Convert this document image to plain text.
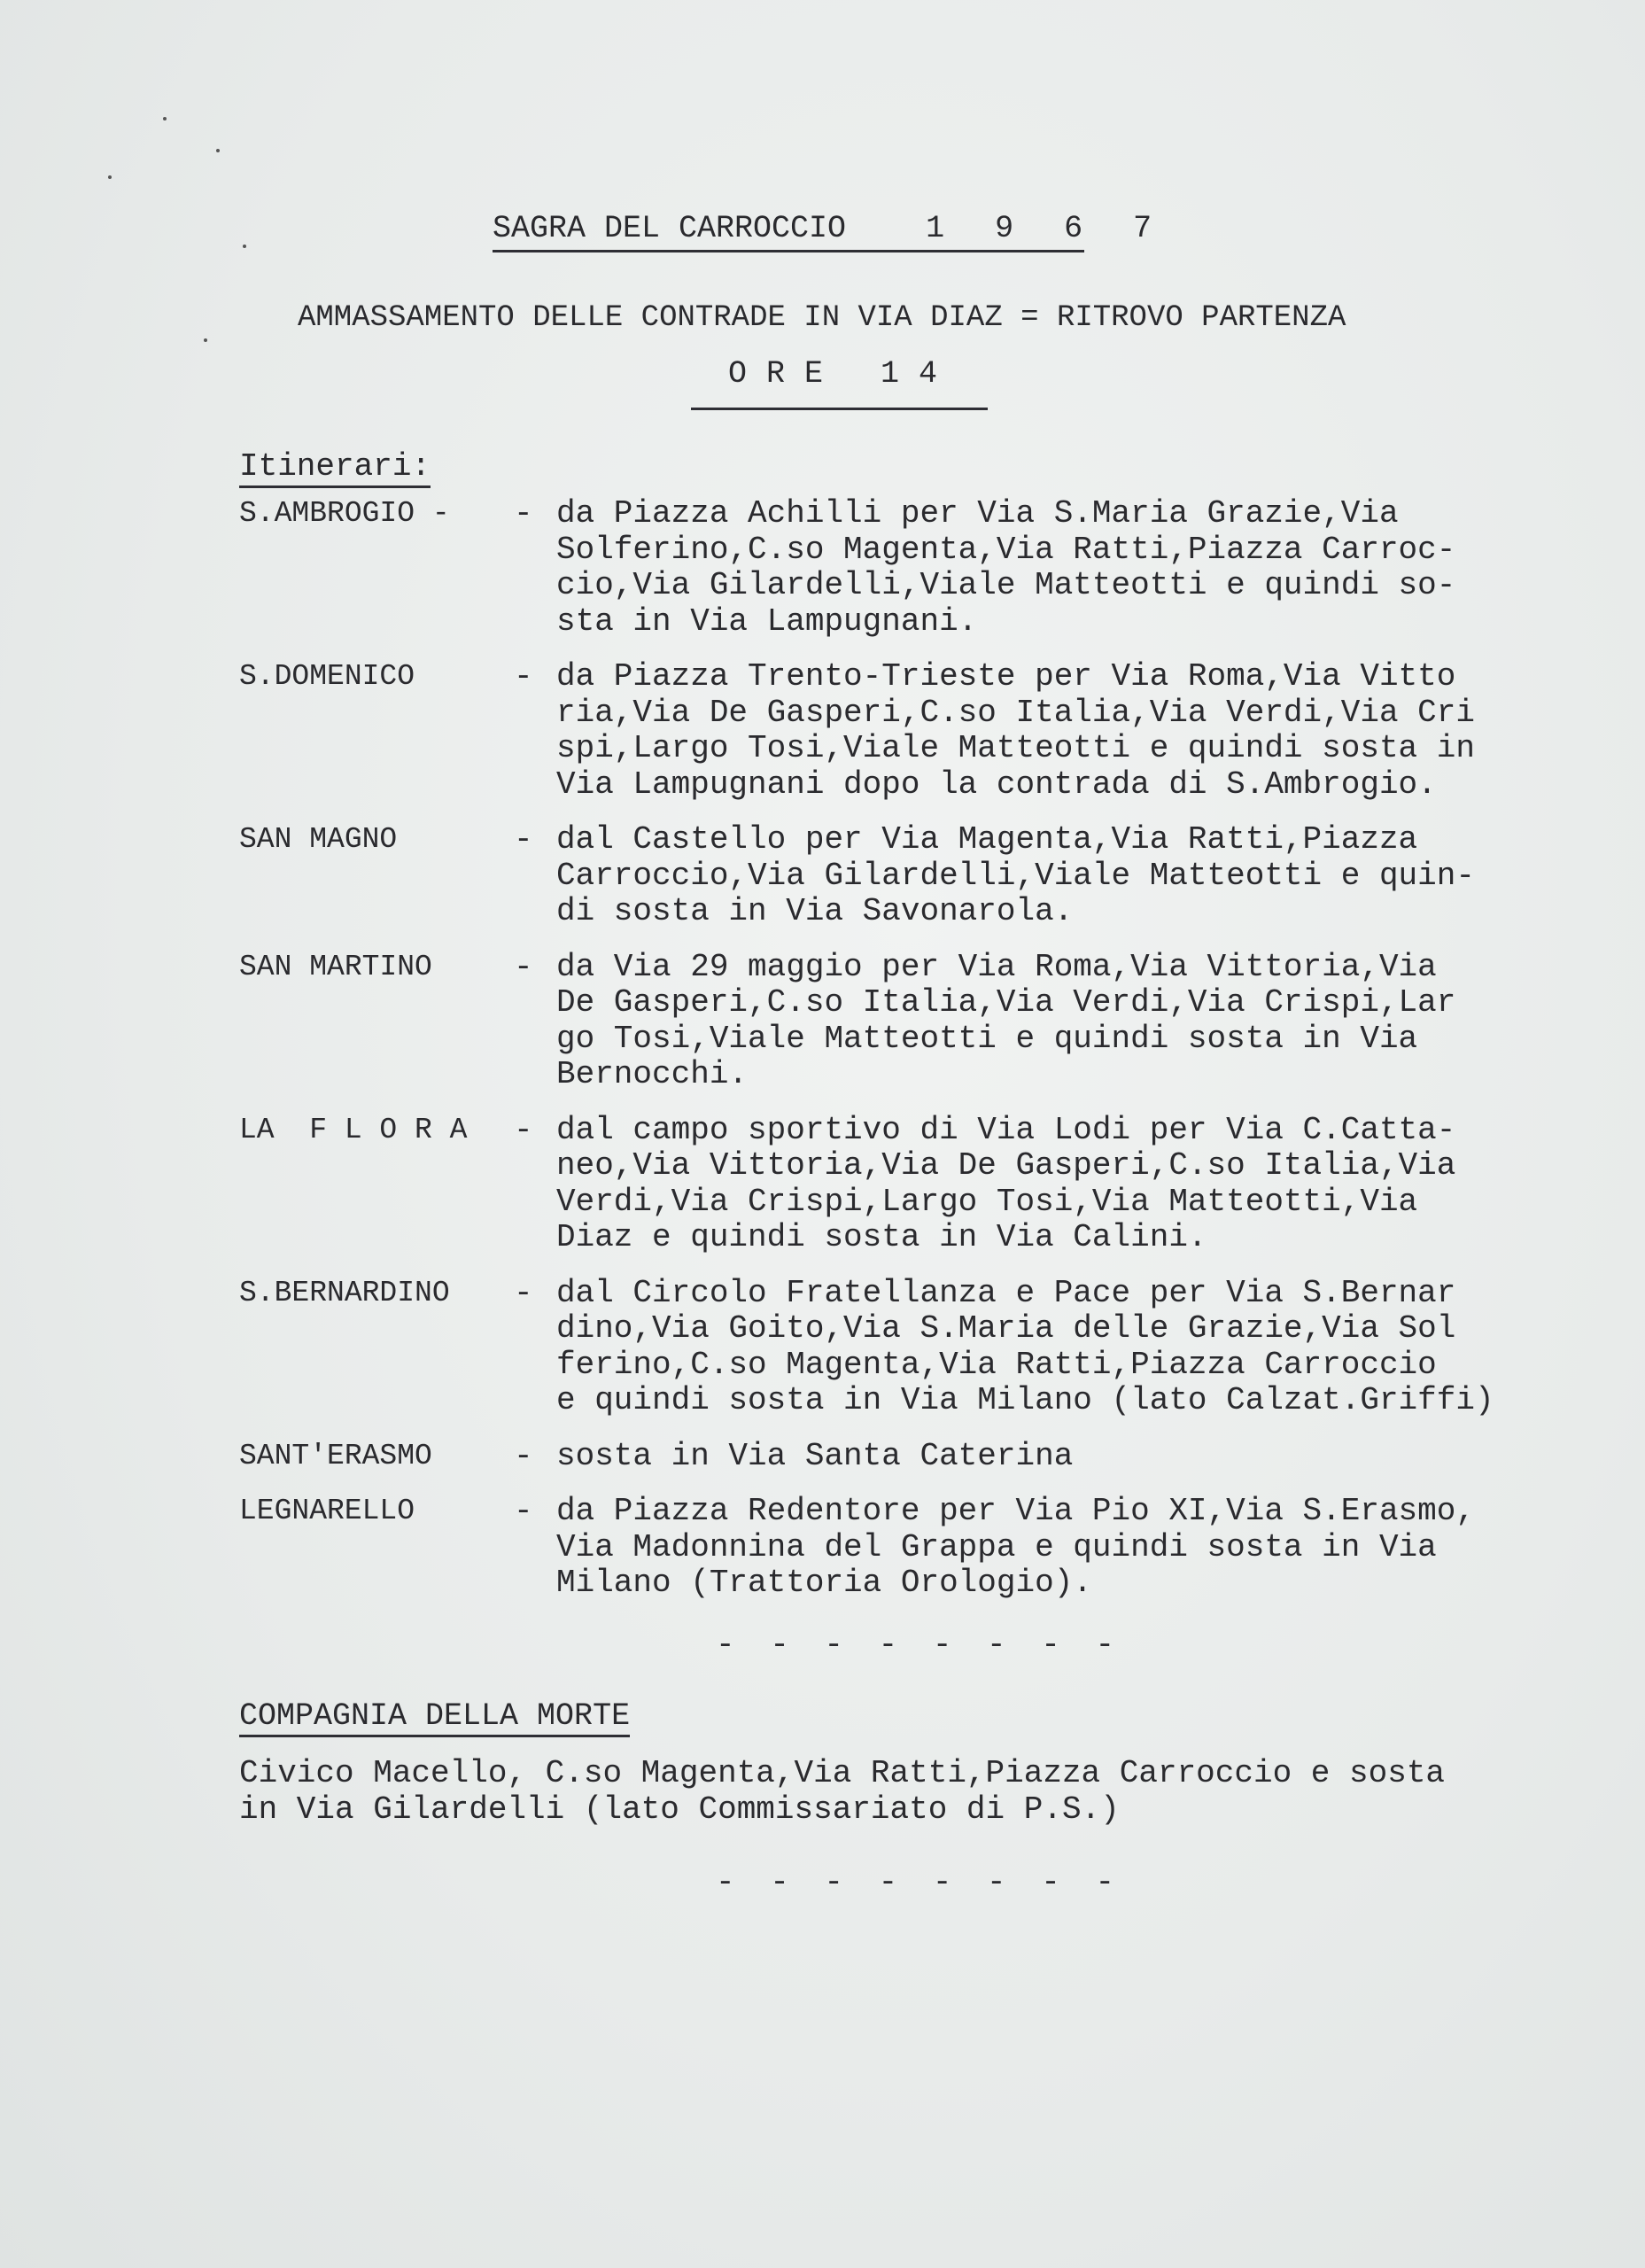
SAGRA DEL CARROCCIO	1 9 6 7
AMMASSAMENTO DELLE CONTRADE IN VIA DIAZ = RITROVO PARTENZA
ORE 14
Itinerari:
S.AMBROGIO - - da Piazza Achilli per Via S.Maria Grazie,Via
Solferino,C.so Magenta,Via Ratti,Piazza Carroc-
cio,Via Gilardelli,Viale Matteotti e quindi so-
sta in Via Lampugnani.
S.DOMENICO	- da Piazza Trento-Trieste per Via Roma,Via Vitto
ria,Via De Gasperi,C.so Italia,Via Verdi,Via Cri
spi,Largo Tosi,Viale Matteotti e quindi sosta in
Via Lampugnani dopo la contrada di S.Ambrogio.
SAN MAGNO	- dal Castello per Via Magenta,Via Ratti,Piazza
Carroccio,Via Gilardelli,Viale Matteotti e quin-
di sosta in Via Savonarola.
SAN MARTINO	- da Via 29 maggio per Via Roma,Via Vittoria,Via
De Gasperi,C.so Italia,Via Verdi,Via Crispi,Lar
go Tosi,Viale Matteotti e quindi sosta in Via
Bernocchi.
LA  F L O R A - dal campo sportivo di Via Lodi per Via C.Catta-
neo,Via Vittoria,Via De Gasperi,C.so Italia,Via
Verdi,Via Crispi,Largo Tosi,Via Matteotti,Via
Diaz e quindi sosta in Via Calini.
S.BERNARDINO - dal Circolo Fratellanza e Pace per Via S.Bernar
dino,Via Goito,Via S.Maria delle Grazie,Via Sol
ferino,C.so Magenta,Via Ratti,Piazza Carroccio
e quindi sosta in Via Milano (lato Calzat.Griffi)
SANT'ERASMO	- sosta in Via Santa Caterina
LEGNARELLO	- da Piazza Redentore per Via Pio XI,Via S.Erasmo,
Via Madonnina del Grappa e quindi sosta in Via
Milano (Trattoria Orologio).
- - - - - - - -
COMPAGNIA DELLA MORTE
Civico Macello, C.so Magenta,Via Ratti,Piazza Carroccio e sosta
in Via Gilardelli (lato Commissariato di P.S.)
- - - - - - - -
